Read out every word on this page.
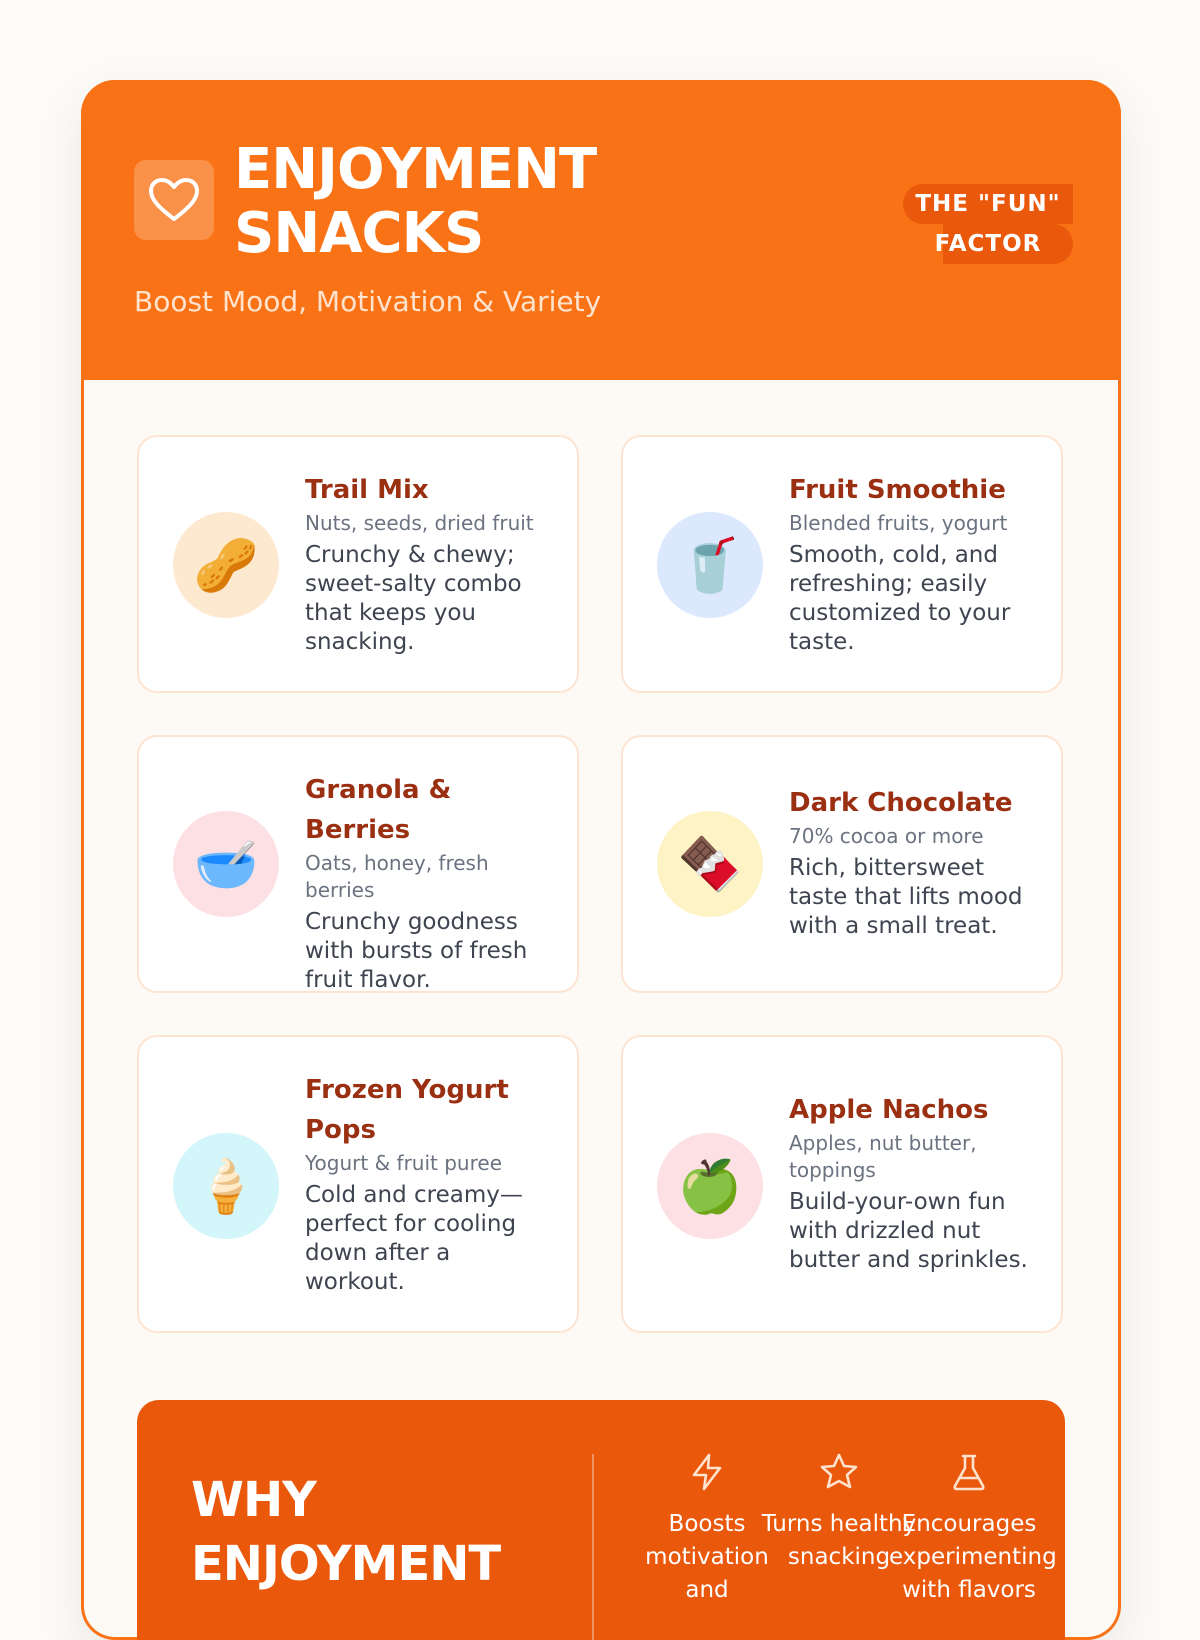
ENJOYMENT
SNACKS
Boost Mood, Motivation & Variety
THE "FUN"
FACTOR
🥜
Trail Mix
Nuts, seeds, dried fruit
Crunchy & chewy; sweet-salty combo that keeps you snacking.
🥤
Fruit Smoothie
Blended fruits, yogurt
Smooth, cold, and refreshing; easily customized to your taste.
🥣
Granola & Berries
Oats, honey, fresh berries
Crunchy goodness with bursts of fresh fruit flavor.
🍫
Dark Chocolate
70% cocoa or more
Rich, bittersweet taste that lifts mood with a small treat.
🍦
Frozen Yogurt Pops
Yogurt & fruit puree
Cold and creamy—perfect for cooling down after a workout.
🍏
Apple Nachos
Apples, nut butter, toppings
Build-your-own fun with drizzled nut butter and sprinkles.
WHY
ENJOYMENT
Boosts motivation and
Turns healthy snacking
Encourages experimenting with flavors
